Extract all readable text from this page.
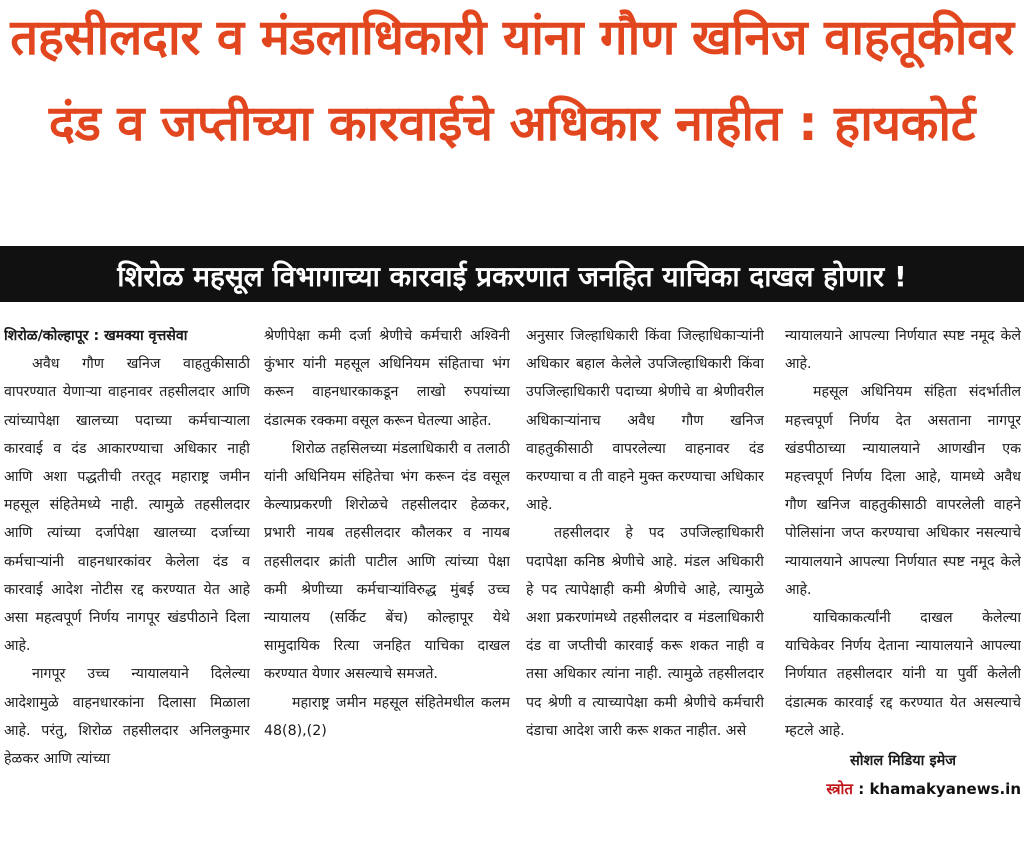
तहसीलदार व मंडलाधिकारी यांना गौण खनिज वाहतूकीवर
दंड व जप्तीच्या कारवाईचे अधिकार नाहीत : हायकोर्ट
शिरोळ महसूल विभागाच्या कारवाई प्रकरणात जनहित याचिका दाखल होणार !

शिरोळ/कोल्हापूर : खमक्या वृत्तसेवा

अवैध गौण खनिज वाहतुकीसाठी वापरण्यात येणाऱ्या वाहनावर तहसीलदार आणि त्यांच्यापेक्षा खालच्या पदाच्या कर्मचाऱ्याला कारवाई व दंड आकारण्याचा अधिकार नाही आणि अशा पद्धतीची तरतूद महाराष्ट्र जमीन महसूल संहितेमध्ये नाही. त्यामुळे तहसीलदार आणि त्यांच्या दर्जापेक्षा खालच्या दर्जाच्या कर्मचाऱ्यांनी वाहनधारकांवर केलेला दंड व कारवाई आदेश नोटीस रद्द करण्यात येत आहे असा महत्वपूर्ण निर्णय नागपूर खंडपीठाने दिला आहे.

नागपूर उच्च न्यायालयाने दिलेल्या आदेशामुळे वाहनधारकांना दिलासा मिळाला आहे. परंतु, शिरोळ तहसीलदार अनिलकुमार हेळकर आणि त्यांच्या

श्रेणीपेक्षा कमी दर्जा श्रेणीचे कर्मचारी अश्विनी कुंभार यांनी महसूल अधिनियम संहिताचा भंग करून वाहनधारकाकडून लाखो रुपयांच्या दंडात्मक रक्कमा वसूल करून घेतल्या आहेत.

शिरोळ तहसिलच्या मंडलाधिकारी व तलाठी यांनी अधिनियम संहितेचा भंग करून दंड वसूल केल्याप्रकरणी शिरोळचे तहसीलदार हेळकर, प्रभारी नायब तहसीलदार कौलकर व नायब तहसीलदार क्रांती पाटील आणि त्यांच्या पेक्षा कमी श्रेणीच्या कर्मचाऱ्यांविरुद्ध मुंबई उच्च न्यायालय (सर्किट बेंच) कोल्हापूर येथे सामुदायिक रित्या जनहित याचिका दाखल करण्यात येणार असल्याचे समजते.

महाराष्ट्र जमीन महसूल संहितेमधील कलम 48(8),(2)

अनुसार जिल्हाधिकारी किंवा जिल्हाधिकाऱ्यांनी अधिकार बहाल केलेले उपजिल्हाधिकारी किंवा उपजिल्हाधिकारी पदाच्या श्रेणीचे वा श्रेणीवरील अधिकाऱ्यांनाच अवैध गौण खनिज वाहतुकीसाठी वापरलेल्या वाहनावर दंड करण्याचा व ती वाहने मुक्त करण्याचा अधिकार आहे.

तहसीलदार हे पद उपजिल्हाधिकारी पदापेक्षा कनिष्ठ श्रेणीचे आहे. मंडल अधिकारी हे पद त्यापेक्षाही कमी श्रेणीचे आहे, त्यामुळे अशा प्रकरणांमध्ये तहसीलदार व मंडलाधिकारी दंड वा जप्तीची कारवाई करू शकत नाही व तसा अधिकार त्यांना नाही. त्यामुळे तहसीलदार पद श्रेणी व त्याच्यापेक्षा कमी श्रेणीचे कर्मचारी दंडाचा आदेश जारी करू शकत नाहीत. असे

न्यायालयाने आपल्या निर्णयात स्पष्ट नमूद केले आहे.

महसूल अधिनियम संहिता संदर्भातील महत्त्वपूर्ण निर्णय देत असताना नागपूर खंडपीठाच्या न्यायालयाने आणखीन एक महत्त्वपूर्ण निर्णय दिला आहे, यामध्ये अवैध गौण खनिज वाहतुकीसाठी वापरलेली वाहने पोलिसांना जप्त करण्याचा अधिकार नसल्याचे न्यायालयाने आपल्या निर्णयात स्पष्ट नमूद केले आहे.

याचिकाकर्त्यांनी दाखल केलेल्या याचिकेवर निर्णय देताना न्यायालयाने आपल्या निर्णयात तहसीलदार यांनी या पुर्वी केलेली दंडात्मक कारवाई रद्द करण्यात येत असल्याचे म्हटले आहे.

सोशल मिडिया इमेज

स्त्रोत : khamakyanews.in
